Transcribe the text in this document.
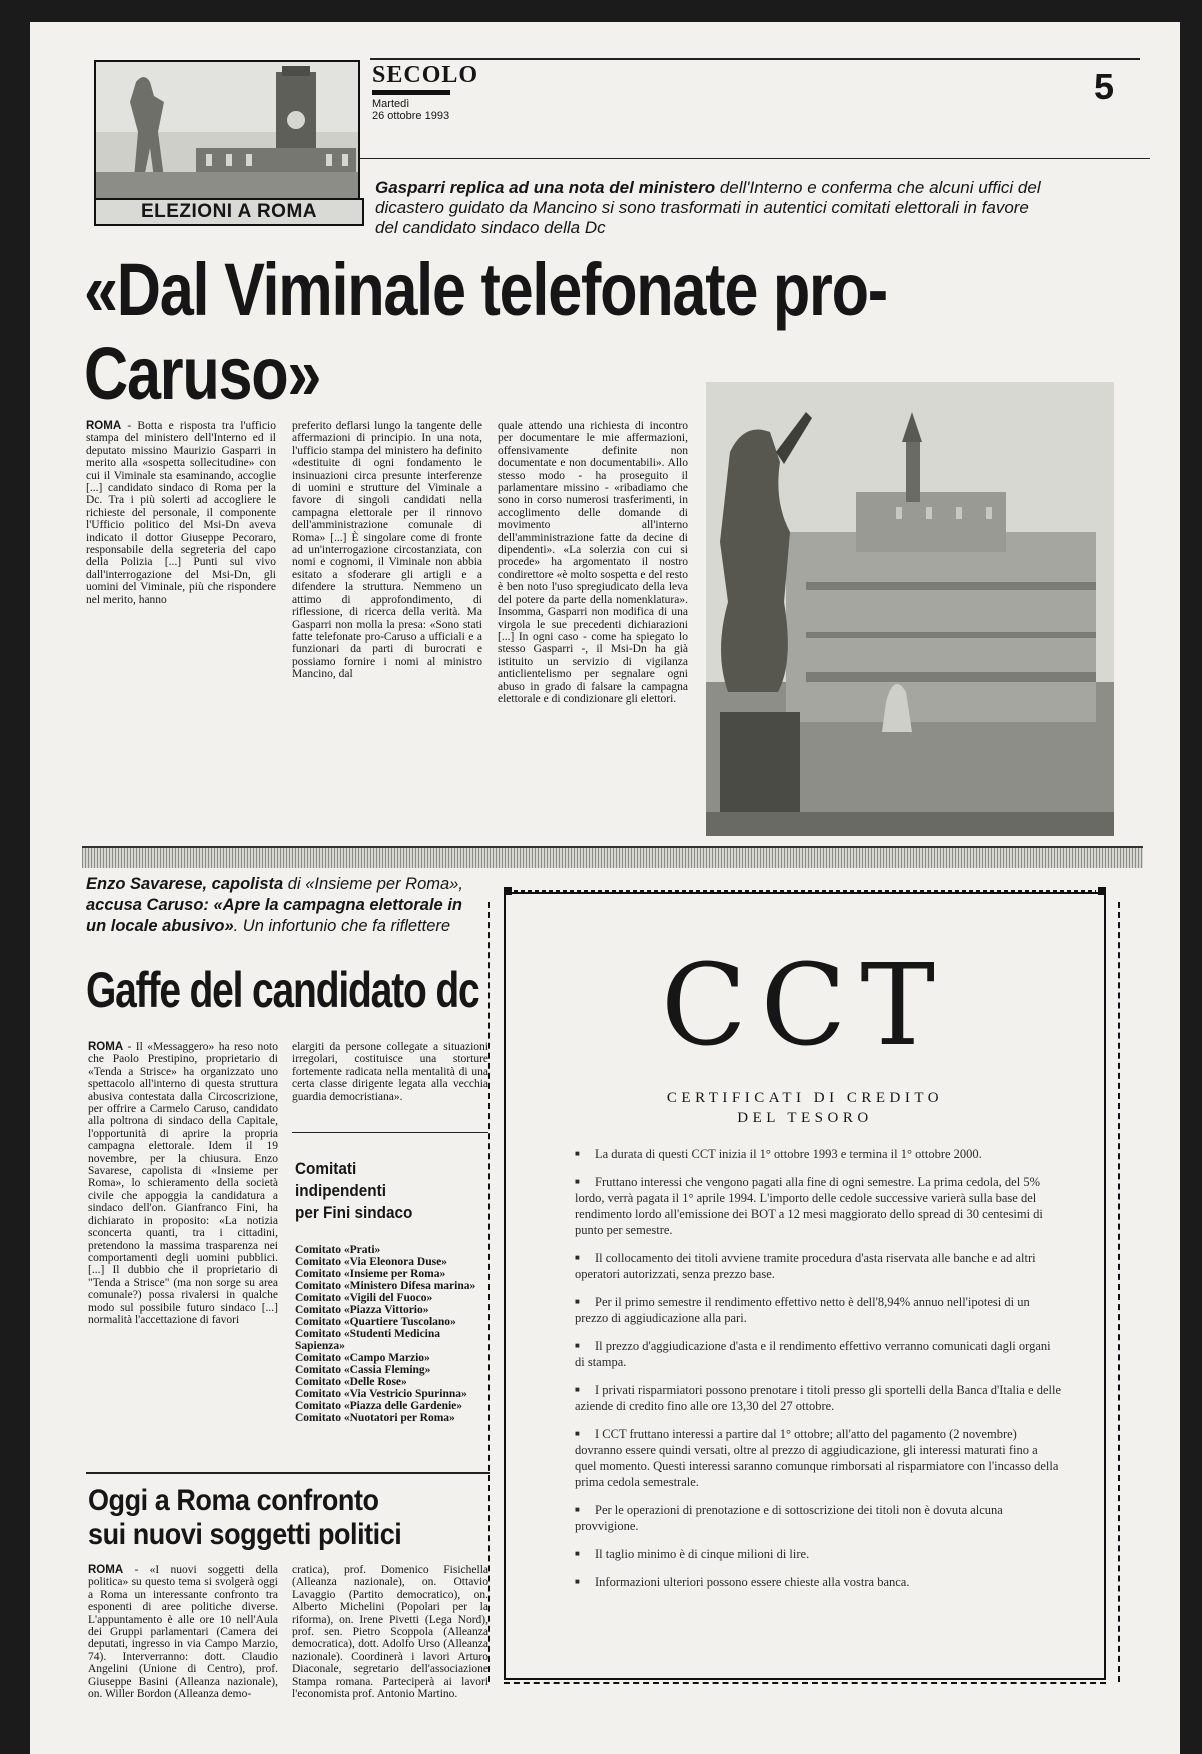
ELEZIONI A ROMA
SECOLO
Martedì
26 ottobre 1993
5
Gasparri replica ad una nota del ministero dell'Interno e conferma che alcuni uffici del dicastero guidato da Mancino si sono trasformati in autentici comitati elettorali in favore del candidato sindaco della Dc
«Dal Viminale telefonate pro-Caruso»
ROMA - Botta e risposta tra l'ufficio stampa del ministero dell'Interno ed il deputato missino Maurizio Gasparri in merito alla «sospetta sollecitudine» con cui il Viminale sta esaminando, accoglie [...] candidato sindaco di Roma per la Dc. Tra i più solerti ad accogliere le richieste del personale, il componente l'Ufficio politico del Msi-Dn aveva indicato il dottor Giuseppe Pecoraro, responsabile della segreteria del capo della Polizia [...] Punti sul vivo dall'interrogazione del Msi-Dn, gli uomini del Viminale, più che rispondere nel merito, hanno
preferito deflarsi lungo la tangente delle affermazioni di principio. In una nota, l'ufficio stampa del ministero ha definito «destituite di ogni fondamento le insinuazioni circa presunte interferenze di uomini e strutture del Viminale a favore di singoli candidati nella campagna elettorale per il rinnovo dell'amministrazione comunale di Roma» [...] È singolare come di fronte ad un'interrogazione circostanziata, con nomi e cognomi, il Viminale non abbia esitato a sfoderare gli artigli e a difendere la struttura. Nemmeno un attimo di approfondimento, di riflessione, di ricerca della verità. Ma Gasparri non molla la presa: «Sono stati fatte telefonate pro-Caruso a ufficiali e a funzionari da parti di burocrati e possiamo fornire i nomi al ministro Mancino, dal
quale attendo una richiesta di incontro per documentare le mie affermazioni, offensivamente definite non documentate e non documentabili». Allo stesso modo - ha proseguito il parlamentare missino - «ribadiamo che sono in corso numerosi trasferimenti, in accoglimento delle domande di movimento all'interno dell'amministrazione fatte da decine di dipendenti». «La solerzia con cui si procede» ha argomentato il nostro condirettore «è molto sospetta e del resto è ben noto l'uso spregiudicato della leva del potere da parte della nomenklatura». Insomma, Gasparri non modifica di una virgola le sue precedenti dichiarazioni [...] In ogni caso - come ha spiegato lo stesso Gasparri -, il Msi-Dn ha già istituito un servizio di vigilanza anticlientelismo per segnalare ogni abuso in grado di falsare la campagna elettorale e di condizionare gli elettori.
Enzo Savarese, capolista di «Insieme per Roma», accusa Caruso: «Apre la campagna elettorale in un locale abusivo». Un infortunio che fa riflettere
Gaffe del candidato dc
ROMA - Il «Messaggero» ha reso noto che Paolo Prestipino, proprietario di «Tenda a Strisce» ha organizzato uno spettacolo all'interno di questa struttura abusiva contestata dalla Circoscrizione, per offrire a Carmelo Caruso, candidato alla poltrona di sindaco della Capitale, l'opportunità di aprire la propria campagna elettorale. Idem il 19 novembre, per la chiusura. Enzo Savarese, capolista di «Insieme per Roma», lo schieramento della società civile che appoggia la candidatura a sindaco dell'on. Gianfranco Fini, ha dichiarato in proposito: «La notizia sconcerta quanti, tra i cittadini, pretendono la massima trasparenza nei comportamenti degli uomini pubblici. [...] Il dubbio che il proprietario di "Tenda a Strisce" (ma non sorge su area comunale?) possa rivalersi in qualche modo sul possibile futuro sindaco [...] normalità l'accettazione di favori
elargiti da persone collegate a situazioni irregolari, costituisce una storture fortemente radicata nella mentalità di una certa classe dirigente legata alla vecchia guardia democristiana».
Comitati
indipendenti
per Fini sindaco
Comitato «Prati»
Comitato «Via Eleonora Duse»
Comitato «Insieme per Roma»
Comitato «Ministero Difesa marina»
Comitato «Vigili del Fuoco»
Comitato «Piazza Vittorio»
Comitato «Quartiere Tuscolano»
Comitato «Studenti Medicina Sapienza»
Comitato «Campo Marzio»
Comitato «Cassia Fleming»
Comitato «Delle Rose»
Comitato «Via Vestricio Spurinna»
Comitato «Piazza delle Gardenie»
Comitato «Nuotatori per Roma»
Oggi a Roma confronto
sui nuovi soggetti politici
ROMA - «I nuovi soggetti della politica» su questo tema si svolgerà oggi a Roma un interessante confronto tra esponenti di aree politiche diverse. L'appuntamento è alle ore 10 nell'Aula dei Gruppi parlamentari (Camera dei deputati, ingresso in via Campo Marzio, 74). Interverranno: dott. Claudio Angelini (Unione di Centro), prof. Giuseppe Basini (Alleanza nazionale), on. Willer Bordon (Alleanza demo-
cratica), prof. Domenico Fisichella (Alleanza nazionale), on. Ottavio Lavaggio (Partito democratico), on. Alberto Michelini (Popolari per la riforma), on. Irene Pivetti (Lega Nord), prof. sen. Pietro Scoppola (Alleanza democratica), dott. Adolfo Urso (Alleanza nazionale). Coordinerà i lavori Arturo Diaconale, segretario dell'associazione Stampa romana. Parteciperà ai lavori l'economista prof. Antonio Martino.
CCT
CERTIFICATI DI CREDITO
DEL TESORO

■ La durata di questi CCT inizia il 1° ottobre 1993 e termina il 1° ottobre 2000.

■ Fruttano interessi che vengono pagati alla fine di ogni semestre. La prima cedola, del 5% lordo, verrà pagata il 1° aprile 1994. L'importo delle cedole successive varierà sulla base del rendimento lordo all'emissione dei BOT a 12 mesi maggiorato dello spread di 30 centesimi di punto per semestre.

■ Il collocamento dei titoli avviene tramite procedura d'asta riservata alle banche e ad altri operatori autorizzati, senza prezzo base.

■ Per il primo semestre il rendimento effettivo netto è dell'8,94% annuo nell'ipotesi di un prezzo di aggiudicazione alla pari.

■ Il prezzo d'aggiudicazione d'asta e il rendimento effettivo verranno comunicati dagli organi di stampa.

■ I privati risparmiatori possono prenotare i titoli presso gli sportelli della Banca d'Italia e delle aziende di credito fino alle ore 13,30 del 27 ottobre.

■ I CCT fruttano interessi a partire dal 1° ottobre; all'atto del pagamento (2 novembre) dovranno essere quindi versati, oltre al prezzo di aggiudicazione, gli interessi maturati fino a quel momento. Questi interessi saranno comunque rimborsati al risparmiatore con l'incasso della prima cedola semestrale.

■ Per le operazioni di prenotazione e di sottoscrizione dei titoli non è dovuta alcuna provvigione.

■ Il taglio minimo è di cinque milioni di lire.

■ Informazioni ulteriori possono essere chieste alla vostra banca.
